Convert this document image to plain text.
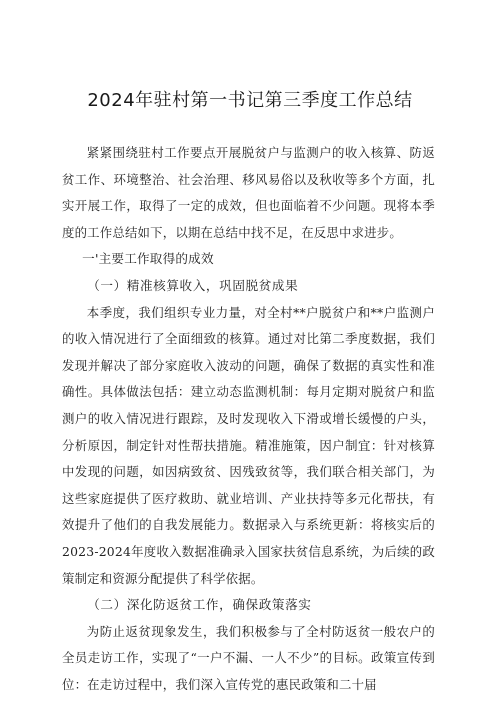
2024年驻村第一书记第三季度工作总结

紧紧围绕驻村工作要点开展脱贫户与监测户的收入核算、防返贫工作、环境整治、社会治理、移风易俗以及秋收等多个方面，扎实开展工作，取得了一定的成效，但也面临着不少问题。现将本季度的工作总结如下，以期在总结中找不足，在反思中求进步。

一'主要工作取得的成效

（一）精准核算收入，巩固脱贫成果

本季度，我们组织专业力量，对全村**户脱贫户和**户监测户的收入情况进行了全面细致的核算。通过对比第二季度数据，我们发现并解决了部分家庭收入波动的问题，确保了数据的真实性和准确性。具体做法包括：建立动态监测机制：每月定期对脱贫户和监测户的收入情况进行跟踪，及时发现收入下滑或增长缓慢的户头，分析原因，制定针对性帮扶措施。精准施策，因户制宜：针对核算中发现的问题，如因病致贫、因残致贫等，我们联合相关部门，为这些家庭提供了医疗救助、就业培训、产业扶持等多元化帮扶，有效提升了他们的自我发展能力。数据录入与系统更新：将核实后的2023-2024年度收入数据准确录入国家扶贫信息系统，为后续的政策制定和资源分配提供了科学依据。

（二）深化防返贫工作，确保政策落实

为防止返贫现象发生，我们积极参与了全村防返贫一般农户的全员走访工作，实现了“一户不漏、一人不少”的目标。政策宣传到位：在走访过程中，我们深入宣传党的惠民政策和二十届
